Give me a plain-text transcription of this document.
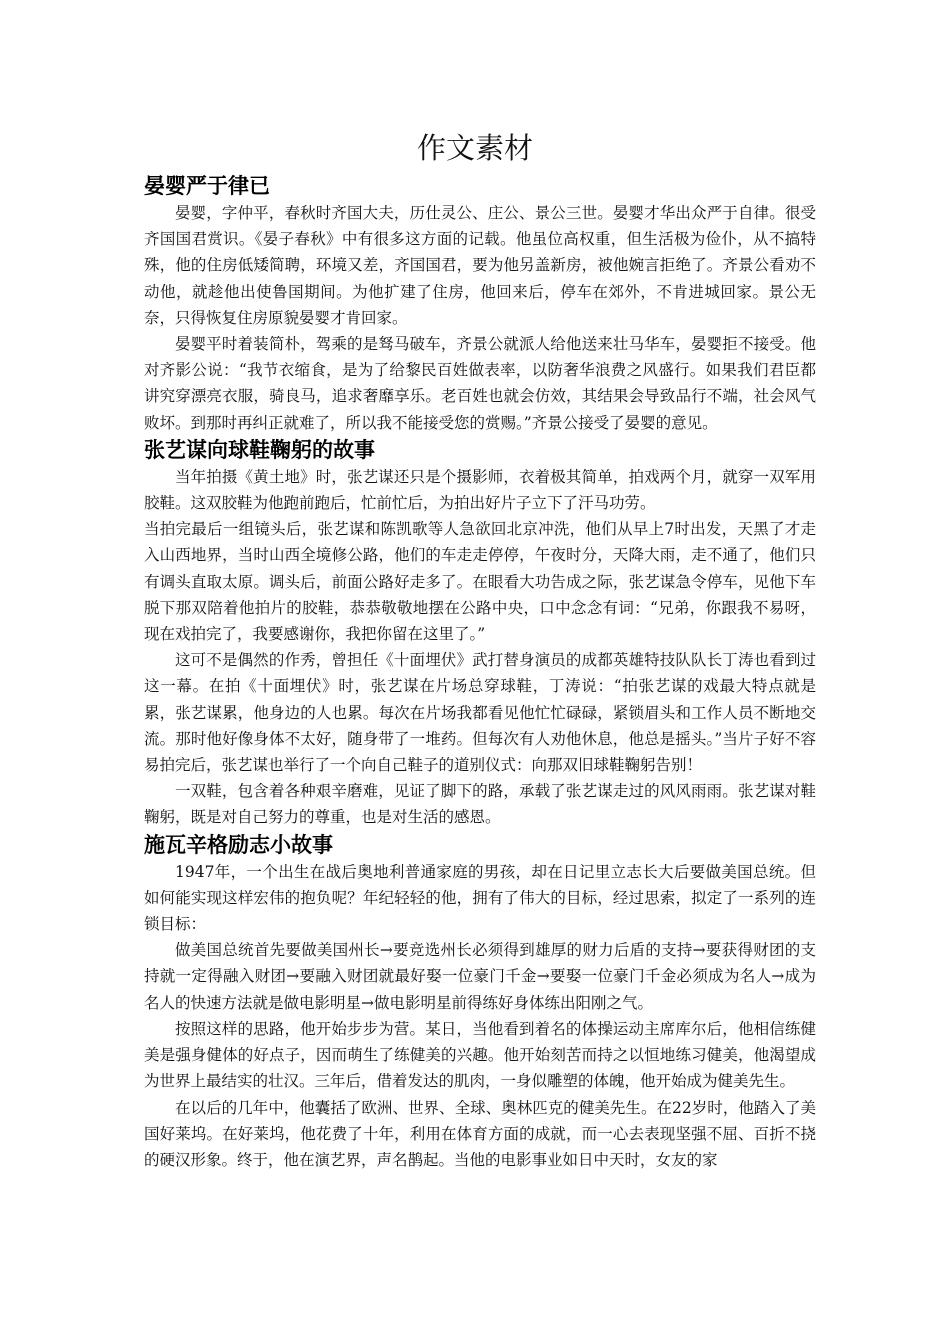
作文素材
晏婴严于律已

晏婴，字仲平，春秋时齐国大夫，历仕灵公、庄公、景公三世。晏婴才华出众严于自律。很受齐国国君赏识。《晏子春秋》中有很多这方面的记载。他虽位高权重，但生活极为俭仆，从不搞特殊，他的住房低矮简聘，环境又差，齐国国君，要为他另盖新房，被他婉言拒绝了。齐景公看劝不动他，就趁他出使鲁国期间。为他扩建了住房，他回来后，停车在郊外，不肯进城回家。景公无奈，只得恢复住房原貌晏婴才肯回家。

晏婴平时着装简朴，驾乘的是驽马破车，齐景公就派人给他送来壮马华车，晏婴拒不接受。他对齐影公说：“我节衣缩食，是为了给黎民百姓做表率，以防奢华浪费之风盛行。如果我们君臣都讲究穿漂亮衣服，骑良马，追求奢靡享乐。老百姓也就会仿效，其结果会导致品行不端，社会风气败坏。到那时再纠正就难了，所以我不能接受您的赏赐。”齐景公接受了晏婴的意见。

张艺谋向球鞋鞠躬的故事

当年拍摄《黄土地》时，张艺谋还只是个摄影师，衣着极其简单，拍戏两个月，就穿一双军用胶鞋。这双胶鞋为他跑前跑后，忙前忙后，为拍出好片子立下了汗马功劳。

当拍完最后一组镜头后，张艺谋和陈凯歌等人急欲回北京冲洗，他们从早上7时出发，天黑了才走入山西地界，当时山西全境修公路，他们的车走走停停，午夜时分，天降大雨，走不通了，他们只有调头直取太原。调头后，前面公路好走多了。在眼看大功告成之际，张艺谋急令停车，见他下车脱下那双陪着他拍片的胶鞋，恭恭敬敬地摆在公路中央，口中念念有词：“兄弟，你跟我不易呀，现在戏拍完了，我要感谢你，我把你留在这里了。”

这可不是偶然的作秀，曾担任《十面埋伏》武打替身演员的成都英雄特技队队长丁涛也看到过这一幕。在拍《十面埋伏》时，张艺谋在片场总穿球鞋，丁涛说：“拍张艺谋的戏最大特点就是累，张艺谋累，他身边的人也累。每次在片场我都看见他忙忙碌碌，紧锁眉头和工作人员不断地交流。那时他好像身体不太好，随身带了一堆药。但每次有人劝他休息，他总是摇头。”当片子好不容易拍完后，张艺谋也举行了一个向自己鞋子的道别仪式：向那双旧球鞋鞠躬告别！

一双鞋，包含着各种艰辛磨难，见证了脚下的路，承载了张艺谋走过的风风雨雨。张艺谋对鞋鞠躬，既是对自己努力的尊重，也是对生活的感恩。

施瓦辛格励志小故事

1947年，一个出生在战后奥地利普通家庭的男孩，却在日记里立志长大后要做美国总统。但如何能实现这样宏伟的抱负呢？年纪轻轻的他，拥有了伟大的目标，经过思索，拟定了一系列的连锁目标：

做美国总统首先要做美国州长→要竞选州长必须得到雄厚的财力后盾的支持→要获得财团的支持就一定得融入财团→要融入财团就最好娶一位豪门千金→要娶一位豪门千金必须成为名人→成为名人的快速方法就是做电影明星→做电影明星前得练好身体练出阳刚之气。

按照这样的思路，他开始步步为营。某日，当他看到着名的体操运动主席库尔后，他相信练健美是强身健体的好点子，因而萌生了练健美的兴趣。他开始刻苦而持之以恒地练习健美，他渴望成为世界上最结实的壮汉。三年后，借着发达的肌肉，一身似雕塑的体魄，他开始成为健美先生。

在以后的几年中，他囊括了欧洲、世界、全球、奥林匹克的健美先生。在22岁时，他踏入了美国好莱坞。在好莱坞，他花费了十年，利用在体育方面的成就，而一心去表现坚强不屈、百折不挠的硬汉形象。终于，他在演艺界，声名鹊起。当他的电影事业如日中天时，女友的家
